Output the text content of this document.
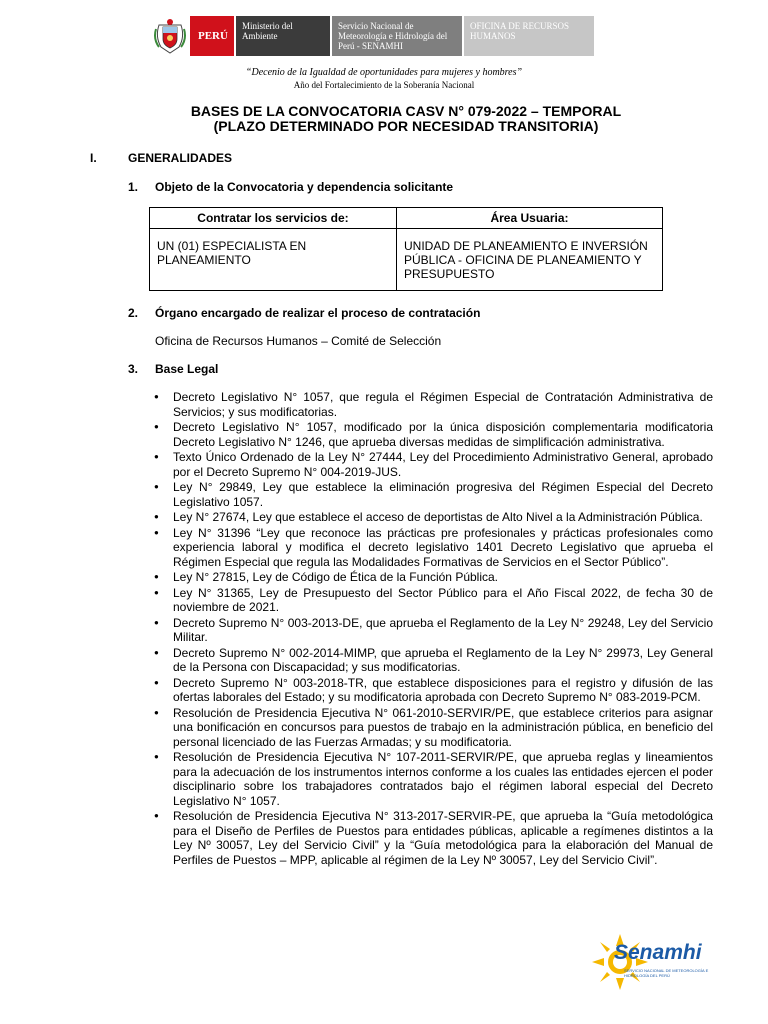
PERÚ
Ministerio del Ambiente
Servicio Nacional de Meteorología e Hidrología del Perú - SENAMHI
OFICINA DE RECURSOS HUMANOS
“Decenio de la Igualdad de oportunidades para mujeres y hombres”
Año del Fortalecimiento de la Soberanía Nacional
BASES DE LA CONVOCATORIA CASV N° 079-2022 – TEMPORAL
(PLAZO DETERMINADO POR NECESIDAD TRANSITORIA)
I.	GENERALIDADES
1. Objeto de la Convocatoria y dependencia solicitante
Contratar los servicios de:	Área Usuaria:
UN (01) ESPECIALISTA EN PLANEAMIENTO	UNIDAD DE PLANEAMIENTO E INVERSIÓN PÚBLICA - OFICINA DE PLANEAMIENTO Y PRESUPUESTO
2. Órgano encargado de realizar el proceso de contratación
Oficina de Recursos Humanos – Comité de Selección
3. Base Legal
● Decreto Legislativo N° 1057, que regula el Régimen Especial de Contratación Administrativa de Servicios; y sus modificatorias.
● Decreto Legislativo N° 1057, modificado por la única disposición complementaria modificatoria Decreto Legislativo N° 1246, que aprueba diversas medidas de simplificación administrativa.
● Texto Único Ordenado de la Ley N° 27444, Ley del Procedimiento Administrativo General, aprobado por el Decreto Supremo N° 004-2019-JUS.
● Ley N° 29849, Ley que establece la eliminación progresiva del Régimen Especial del Decreto Legislativo 1057.
● Ley N° 27674, Ley que establece el acceso de deportistas de Alto Nivel a la Administración Pública.
● Ley N° 31396 “Ley que reconoce las prácticas pre profesionales y prácticas profesionales como experiencia laboral y modifica el decreto legislativo 1401 Decreto Legislativo que aprueba el Régimen Especial que regula las Modalidades Formativas de Servicios en el Sector Público”.
● Ley N° 27815, Ley de Código de Ética de la Función Pública.
● Ley N° 31365, Ley de Presupuesto del Sector Público para el Año Fiscal 2022, de fecha 30 de noviembre de 2021.
● Decreto Supremo N° 003-2013-DE, que aprueba el Reglamento de la Ley N° 29248, Ley del Servicio Militar.
● Decreto Supremo N° 002-2014-MIMP, que aprueba el Reglamento de la Ley N° 29973, Ley General de la Persona con Discapacidad; y sus modificatorias.
● Decreto Supremo N° 003-2018-TR, que establece disposiciones para el registro y difusión de las ofertas laborales del Estado; y su modificatoria aprobada con Decreto Supremo N° 083-2019-PCM.
● Resolución de Presidencia Ejecutiva N° 061-2010-SERVIR/PE, que establece criterios para asignar una bonificación en concursos para puestos de trabajo en la administración pública, en beneficio del personal licenciado de las Fuerzas Armadas; y su modificatoria.
● Resolución de Presidencia Ejecutiva N° 107-2011-SERVIR/PE, que aprueba reglas y lineamientos para la adecuación de los instrumentos internos conforme a los cuales las entidades ejercen el poder disciplinario sobre los trabajadores contratados bajo el régimen laboral especial del Decreto Legislativo N° 1057.
● Resolución de Presidencia Ejecutiva N° 313-2017-SERVIR-PE, que aprueba la “Guía metodológica para el Diseño de Perfiles de Puestos para entidades públicas, aplicable a regímenes distintos a la Ley Nº 30057, Ley del Servicio Civil” y la “Guía metodológica para la elaboración del Manual de Perfiles de Puestos – MPP, aplicable al régimen de la Ley Nº 30057, Ley del Servicio Civil”.
Senamhi
SERVICIO NACIONAL DE METEOROLOGÍA E HIDROLOGÍA DEL PERÚ
